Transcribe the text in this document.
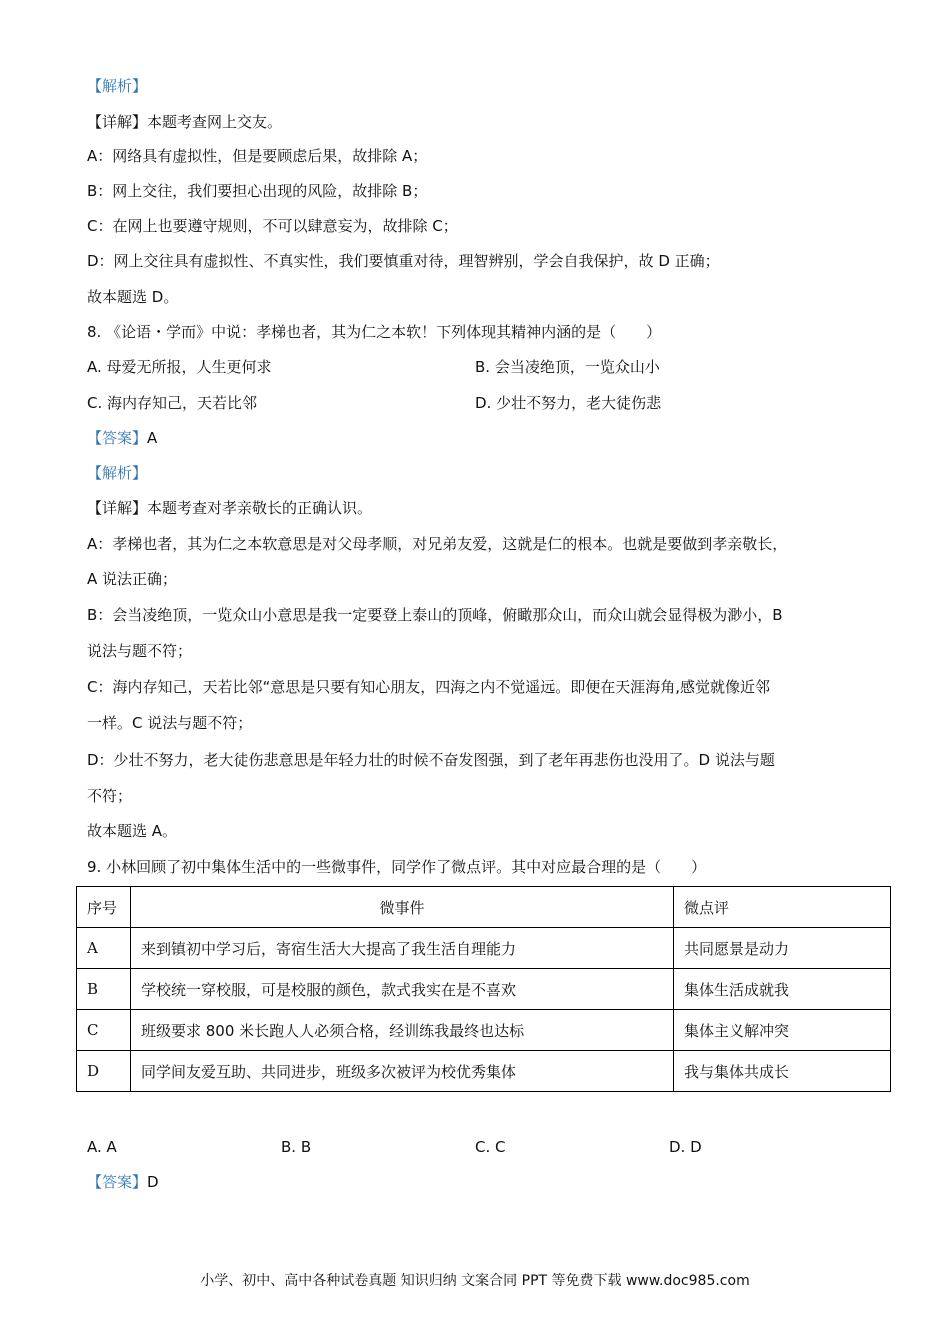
【解析】
【详解】本题考查网上交友。
A：网络具有虚拟性，但是要顾虑后果，故排除 A；
B：网上交往，我们要担心出现的风险，故排除 B；
C：在网上也要遵守规则，不可以肆意妄为，故排除 C；
D：网上交往具有虚拟性、不真实性，我们要慎重对待，理智辨别，学会自我保护，故 D 正确；
故本题选 D。
8. 《论语・学而》中说：孝梯也者，其为仁之本软！下列体现其精神内涵的是（　　）
A. 母爱无所报，人生更何求	B. 会当凌绝顶，一览众山小
C. 海内存知己，天若比邻	D. 少壮不努力，老大徒伤悲
【答案】A
【解析】
【详解】本题考查对孝亲敬长的正确认识。
A：孝梯也者，其为仁之本软意思是对父母孝顺，对兄弟友爱，这就是仁的根本。也就是要做到孝亲敬长，
A 说法正确；
B：会当凌绝顶，一览众山小意思是我一定要登上泰山的顶峰，俯瞰那众山，而众山就会显得极为渺小，B
说法与题不符；
C：海内存知己，天若比邻“意思是只要有知心朋友，四海之内不觉遥远。即便在天涯海角,感觉就像近邻
一样。C 说法与题不符；
D：少壮不努力，老大徒伤悲意思是年轻力壮的时候不奋发图强，到了老年再悲伤也没用了。D 说法与题
不符；
故本题选 A。
9. 小林回顾了初中集体生活中的一些微事件，同学作了微点评。其中对应最合理的是（　　）
序号	微事件	微点评
A	来到镇初中学习后，寄宿生活大大提高了我生活自理能力	共同愿景是动力
B	学校统一穿校服，可是校服的颜色，款式我实在是不喜欢	集体生活成就我
C	班级要求 800 米长跑人人必须合格，经训练我最终也达标	集体主义解冲突
D	同学间友爱互助、共同进步，班级多次被评为校优秀集体	我与集体共成长
A. A	B. B	C. C	D. D
【答案】D
小学、初中、高中各种试卷真题 知识归纳 文案合同 PPT 等免费下载 www.doc985.com
